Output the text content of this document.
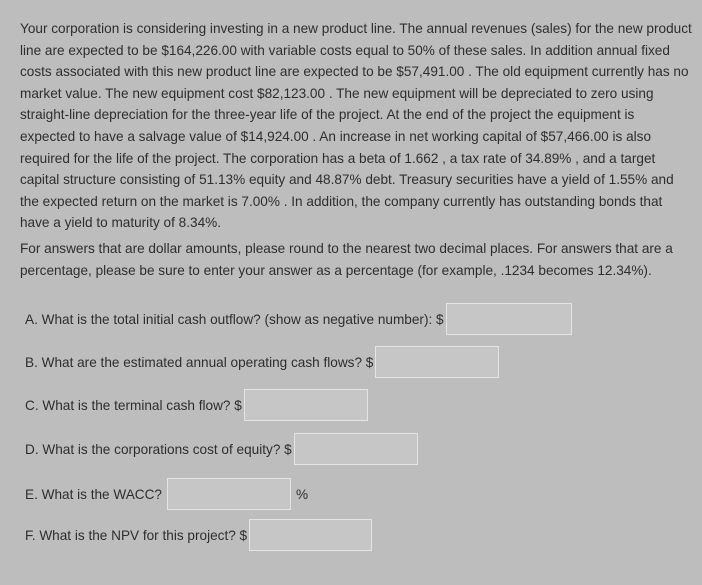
Your corporation is considering investing in a new product line. The annual revenues (sales) for the new product line are expected to be $164,226.00 with variable costs equal to 50% of these sales. In addition annual fixed costs associated with this new product line are expected to be $57,491.00 . The old equipment currently has no market value. The new equipment cost $82,123.00 . The new equipment will be depreciated to zero using straight-line depreciation for the three-year life of the project. At the end of the project the equipment is expected to have a salvage value of $14,924.00 . An increase in net working capital of $57,466.00 is also required for the life of the project. The corporation has a beta of 1.662 , a tax rate of 34.89% , and a target capital structure consisting of 51.13% equity and 48.87% debt. Treasury securities have a yield of 1.55% and the expected return on the market is 7.00% . In addition, the company currently has outstanding bonds that have a yield to maturity of 8.34%.

For answers that are dollar amounts, please round to the nearest two decimal places. For answers that are a percentage, please be sure to enter your answer as a percentage (for example, .1234 becomes 12.34%).

A. What is the total initial cash outflow? (show as negative number): $
B. What are the estimated annual operating cash flows? $
C. What is the terminal cash flow? $
D. What is the corporations cost of equity? $
E. What is the WACC?	%
F. What is the NPV for this project? $
